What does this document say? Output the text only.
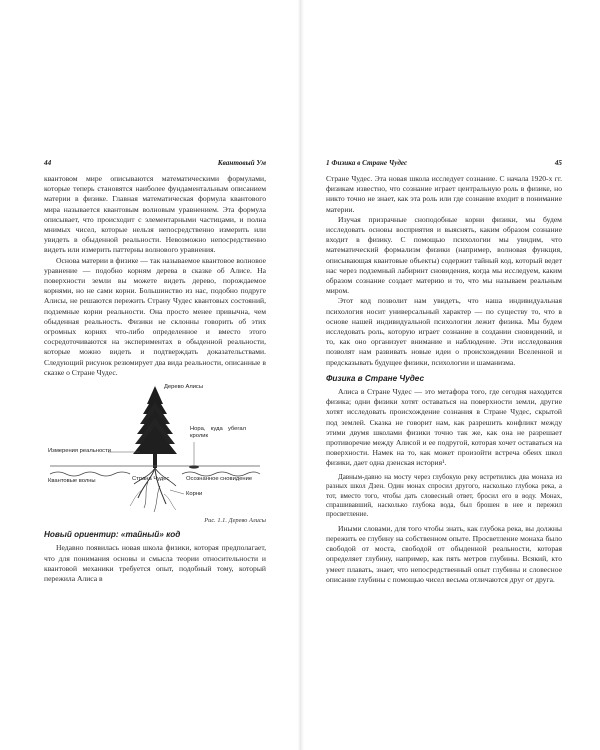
44	Квантовый Ум

квантовом мире описываются математическими формулами, которые теперь становятся наиболее фундаментальным описанием материи в физике. Главная математическая формула квантового мира называется квантовым волновым уравнением. Эта формула описывает, что происходит с элементарными частицами, и полна мнимых чисел, которые нельзя непосредственно измерить или увидеть в обыденной реальности. Невозможно непосредственно видеть или измерить паттерны волнового уравнения.

Основа материи в физике — так называемое квантовое волновое уравнение — подобно корням дерева в сказке об Алисе. На поверхности земли вы можете видеть дерево, порождаемое корнями, но не сами корни. Большинство из нас, подобно подруге Алисы, не решаются пережить Страну Чудес квантовых состояний, подземные корни реальности. Она просто менее привычна, чем обыденная реальность. Физики не склонны говорить об этих огромных корнях что-либо определенное и вместо этого сосредоточиваются на экспериментах в обыденной реальности, которые можно видеть и подтверждать доказательствами. Следующий рисунок резюмирует два вида реальности, описанные в сказке о Стране Чудес.

Дерево Алисы
Нора, куда убегал кролик
Измерения реальности
Квантовые волны	Страна Чудес	Осознанное сновидение
Корни

Рис. 1.1. Дерево Алисы

Новый ориентир: «тайный» код

Недавно появилась новая школа физики, которая предполагает, что для понимания основы и смысла теории относительности и квантовой механики требуется опыт, подобный тому, который пережила Алиса в

1 Физика в Стране Чудес	45

Стране Чудес. Эта новая школа исследует сознание. С начала 1920-х гг. физикам известно, что сознание играет центральную роль в физике, но никто точно не знает, как эта роль или где сознание входит в понимание материи.

Изучая призрачные сноподобные корни физики, мы будем исследовать основы восприятия и выяснять, каким образом сознание входит в физику. С помощью психологии мы увидим, что математический формализм физики (например, волновая функция, описывающая квантовые объекты) содержит тайный код, который ведет нас через подземный лабиринт сновидения, когда мы исследуем, каким образом сознание создает материю и то, что мы называем реальным миром.

Этот код позволит нам увидеть, что наша индивидуальная психология носит универсальный характер — по существу то, что в основе нашей индивидуальной психологии лежит физика. Мы будем исследовать роль, которую играет сознание в создании сновидений, и то, как оно организует внимание и наблюдение. Эти исследования позволят нам развивать новые идеи о происхождении Вселенной и предсказывать будущее физики, психологии и шаманизма.

Физика в Стране Чудес

Алиса в Стране Чудес — это метафора того, где сегодня находится физика; одни физики хотят оставаться на поверхности земли, другие хотят исследовать происхождение сознания в Стране Чудес, скрытой под землей. Сказка не говорит нам, как разрешить конфликт между этими двумя школами физики точно так же, как она не разрешает противоречие между Алисой и ее подругой, которая хочет оставаться на поверхности. Намек на то, как может произойти встреча обеих школ физики, дает одна дзенская история¹.

Давным-давно на мосту через глубокую реку встретились два монаха из разных школ Дзен. Один монах спросил другого, насколько глубока река, а тот, вместо того, чтобы дать словесный ответ, бросил его в воду. Монах, спрашивавший, насколько глубока вода, был брошен в нее и пережил просветление.

Иными словами, для того чтобы знать, как глубока река, вы должны пережить ее глубину на собственном опыте. Просветление монаха было свободой от моста, свободой от обыденной реальности, которая определяет глубину, например, как пять метров глубины. Всякий, кто умеет плавать, знает, что непосредственный опыт глубины и словесное описание глубины с помощью чисел весьма отличаются друг от друга.
